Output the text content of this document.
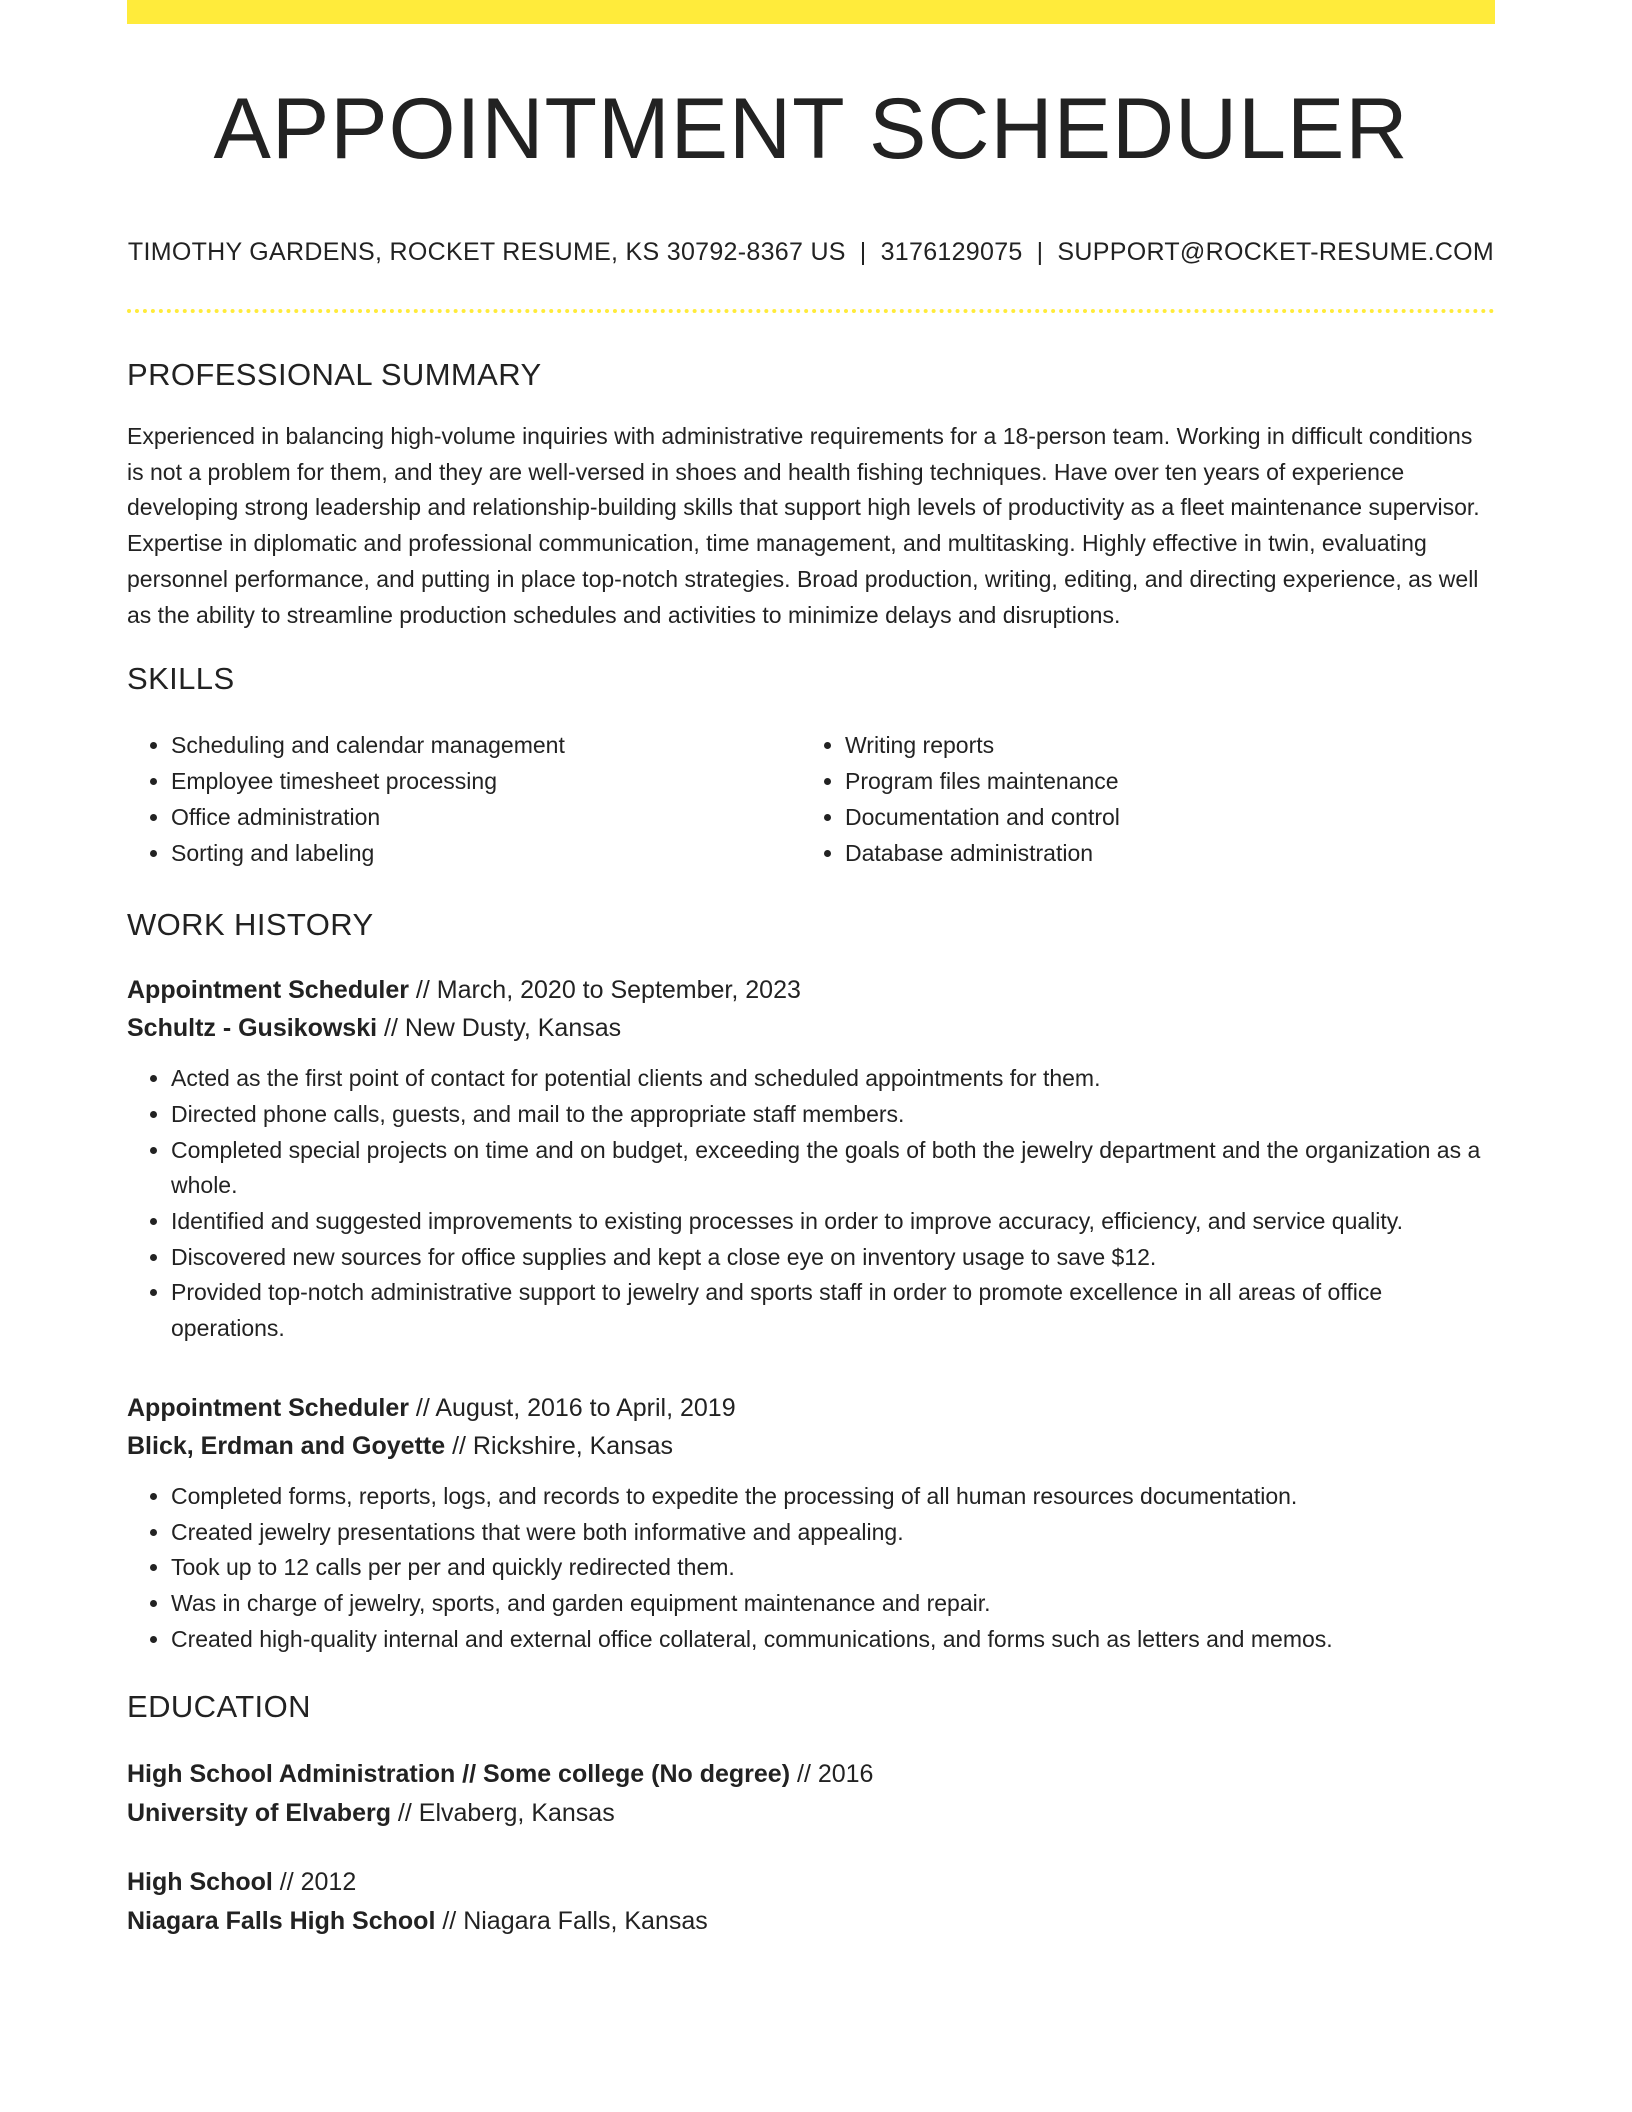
APPOINTMENT SCHEDULER
TIMOTHY GARDENS, ROCKET RESUME, KS 30792-8367 US | 3176129075 | SUPPORT@ROCKET-RESUME.COM
PROFESSIONAL SUMMARY
Experienced in balancing high-volume inquiries with administrative requirements for a 18-person team. Working in difficult conditions is not a problem for them, and they are well-versed in shoes and health fishing techniques. Have over ten years of experience developing strong leadership and relationship-building skills that support high levels of productivity as a fleet maintenance supervisor. Expertise in diplomatic and professional communication, time management, and multitasking. Highly effective in twin, evaluating personnel performance, and putting in place top-notch strategies. Broad production, writing, editing, and directing experience, as well as the ability to streamline production schedules and activities to minimize delays and disruptions.
SKILLS
• Scheduling and calendar management
• Employee timesheet processing
• Office administration
• Sorting and labeling
• Writing reports
• Program files maintenance
• Documentation and control
• Database administration
WORK HISTORY
Appointment Scheduler // March, 2020 to September, 2023
Schultz - Gusikowski // New Dusty, Kansas
• Acted as the first point of contact for potential clients and scheduled appointments for them.
• Directed phone calls, guests, and mail to the appropriate staff members.
• Completed special projects on time and on budget, exceeding the goals of both the jewelry department and the organization as a whole.
• Identified and suggested improvements to existing processes in order to improve accuracy, efficiency, and service quality.
• Discovered new sources for office supplies and kept a close eye on inventory usage to save $12.
• Provided top-notch administrative support to jewelry and sports staff in order to promote excellence in all areas of office operations.
Appointment Scheduler // August, 2016 to April, 2019
Blick, Erdman and Goyette // Rickshire, Kansas
• Completed forms, reports, logs, and records to expedite the processing of all human resources documentation.
• Created jewelry presentations that were both informative and appealing.
• Took up to 12 calls per per and quickly redirected them.
• Was in charge of jewelry, sports, and garden equipment maintenance and repair.
• Created high-quality internal and external office collateral, communications, and forms such as letters and memos.
EDUCATION
High School Administration // Some college (No degree) // 2016
University of Elvaberg // Elvaberg, Kansas
High School // 2012
Niagara Falls High School // Niagara Falls, Kansas
